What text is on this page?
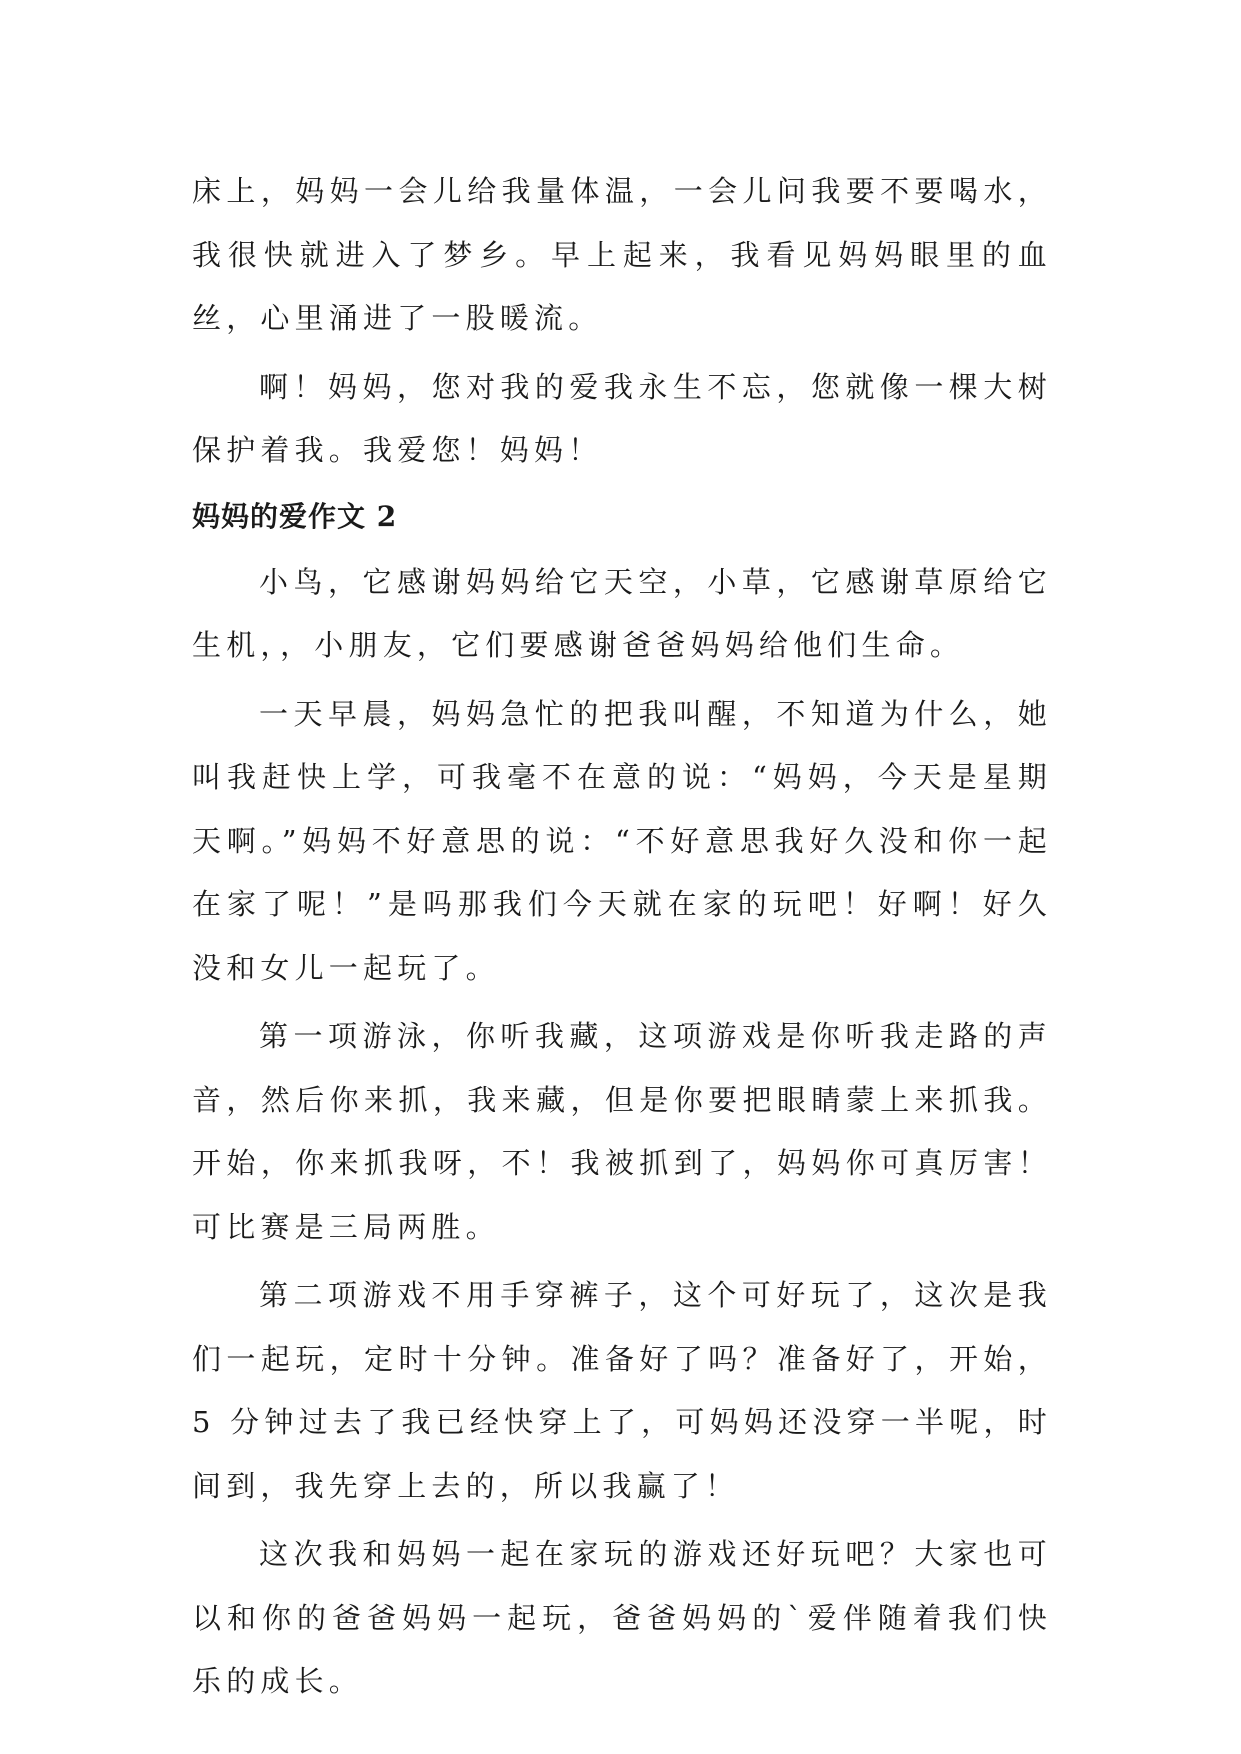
床上，妈妈一会儿给我量体温，一会儿问我要不要喝水，我很快就进入了梦乡。早上起来，我看见妈妈眼里的血丝，心里涌进了一股暖流。

啊！妈妈，您对我的爱我永生不忘，您就像一棵大树保护着我。我爱您！妈妈！

妈妈的爱作文 2

小鸟，它感谢妈妈给它天空，小草，它感谢草原给它生机，，小朋友，它们要感谢爸爸妈妈给他们生命。

一天早晨，妈妈急忙的把我叫醒，不知道为什么，她叫我赶快上学，可我毫不在意的说：“妈妈，今天是星期天啊。”妈妈不好意思的说：“不好意思我好久没和你一起在家了呢！”是吗那我们今天就在家的玩吧！好啊！好久没和女儿一起玩了。

第一项游泳，你听我藏，这项游戏是你听我走路的声音，然后你来抓，我来藏，但是你要把眼睛蒙上来抓我。开始，你来抓我呀，不！我被抓到了，妈妈你可真厉害！可比赛是三局两胜。

第二项游戏不用手穿裤子，这个可好玩了，这次是我们一起玩，定时十分钟。准备好了吗？准备好了，开始，5 分钟过去了我已经快穿上了，可妈妈还没穿一半呢，时间到，我先穿上去的，所以我赢了！

这次我和妈妈一起在家玩的游戏还好玩吧？大家也可以和你的爸爸妈妈一起玩，爸爸妈妈的`爱伴随着我们快乐的成长。
